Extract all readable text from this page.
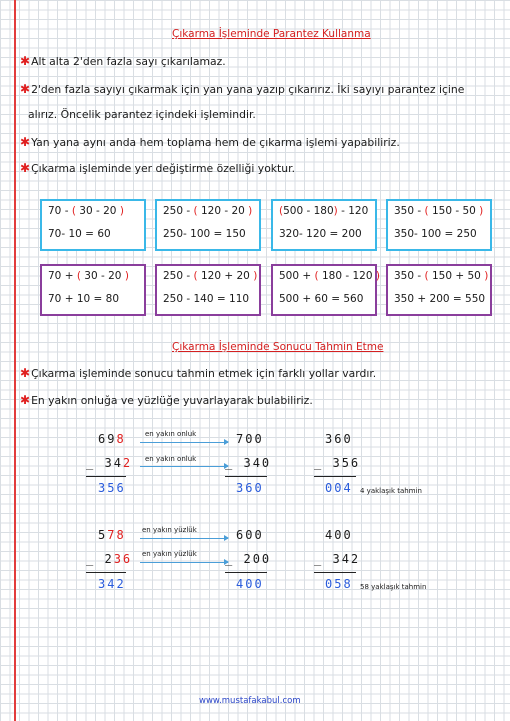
Çıkarma İşleminde Parantez Kullanma
✱Alt alta 2'den fazla sayı çıkarılamaz.
✱2'den fazla sayıyı çıkarmak için yan yana yazıp çıkarırız. İki sayıyı parantez içine
alırız. Öncelik parantez içindeki işlemindir.
✱Yan yana aynı anda hem toplama hem de çıkarma işlemi yapabiliriz.
✱Çıkarma işleminde yer değiştirme özelliği yoktur.
70 - ( 30 - 20 )
70- 10 = 60
250 - ( 120 - 20 )
250- 100 = 150
(500 - 180) - 120
320- 120 = 200
350 - ( 150 - 50 )
350- 100 = 250
70 + ( 30 - 20 )
70 + 10 = 80
250 - ( 120 + 20 )
250 - 140 = 110
500 + ( 180 - 120 )
500 + 60 = 560
350 - ( 150 + 50 )
350 + 200 = 550
Çıkarma İşleminde Sonucu Tahmin Etme
✱Çıkarma işleminde sonucu tahmin etmek için farklı yollar vardır.
✱En yakın onluğa ve yüzlüğe yuvarlayarak bulabiliriz.
698
_ 342
356
en yakın onluk
en yakın onluk
700
_ 340
360
360
_ 356
004 4 yaklaşık tahmin
578
_ 236
342
en yakın yüzlük
en yakın yüzlük
600
_ 200
400
400
_ 342
058 58 yaklaşık tahmin
www.mustafakabul.com
